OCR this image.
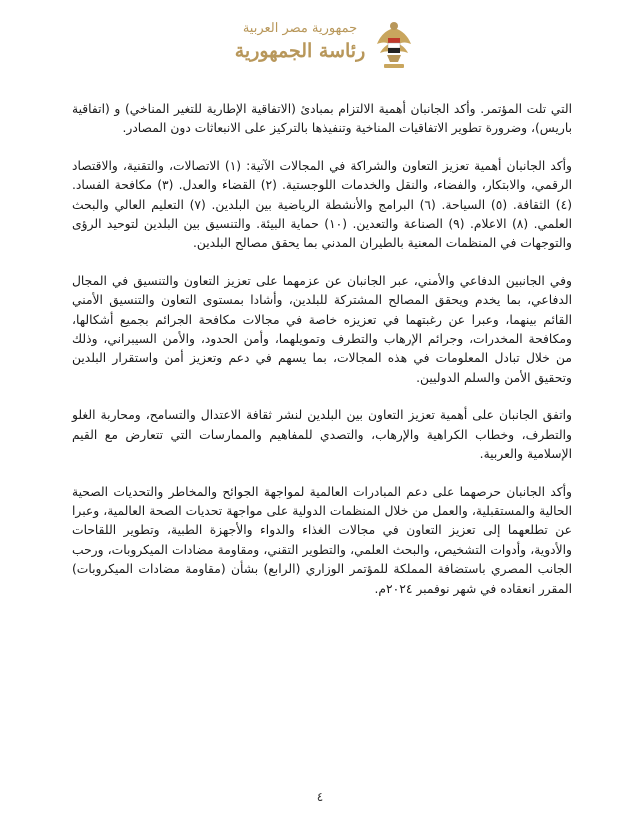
جمهورية مصر العربية
رئاسة الجمهورية

التي تلت المؤتمر. وأكد الجانبان أهمية الالتزام بمبادئ (الاتفاقية الإطارية للتغير المناخي) و (اتفاقية باريس)، وضرورة تطوير الاتفاقيات المناخية وتنفيذها بالتركيز على الانبعاثات دون المصادر.

وأكد الجانبان أهمية تعزيز التعاون والشراكة في المجالات الآتية: (١) الاتصالات، والتقنية، والاقتصاد الرقمي، والابتكار، والفضاء، والنقل والخدمات اللوجستية. (٢) القضاء والعدل. (٣) مكافحة الفساد. (٤) الثقافة. (٥) السياحة. (٦) البرامج والأنشطة الرياضية بين البلدين. (٧) التعليم العالي والبحث العلمي. (٨) الاعلام. (٩) الصناعة والتعدين. (١٠) حماية البيئة. والتنسيق بين البلدين لتوحيد الرؤى والتوجهات في المنظمات المعنية بالطيران المدني بما يحقق مصالح البلدين.

وفي الجانبين الدفاعي والأمني، عبر الجانبان عن عزمهما على تعزيز التعاون والتنسيق في المجال الدفاعي، بما يخدم ويحقق المصالح المشتركة للبلدين، وأشادا بمستوى التعاون والتنسيق الأمني القائم بينهما، وعبرا عن رغبتهما في تعزيزه خاصة في مجالات مكافحة الجرائم بجميع أشكالها، ومكافحة المخدرات، وجرائم الإرهاب والتطرف وتمويلهما، وأمن الحدود، والأمن السيبراني، وذلك من خلال تبادل المعلومات في هذه المجالات، بما يسهم في دعم وتعزيز أمن واستقرار البلدين وتحقيق الأمن والسلم الدوليين.

واتفق الجانبان على أهمية تعزيز التعاون بين البلدين لنشر ثقافة الاعتدال والتسامح، ومحاربة الغلو والتطرف، وخطاب الكراهية والإرهاب، والتصدي للمفاهيم والممارسات التي تتعارض مع القيم الإسلامية والعربية.

وأكد الجانبان حرصهما على دعم المبادرات العالمية لمواجهة الجوائح والمخاطر والتحديات الصحية الحالية والمستقبلية، والعمل من خلال المنظمات الدولية على مواجهة تحديات الصحة العالمية، وعبرا عن تطلعهما إلى تعزيز التعاون في مجالات الغذاء والدواء والأجهزة الطبية، وتطوير اللقاحات والأدوية، وأدوات التشخيص، والبحث العلمي، والتطوير التقني، ومقاومة مضادات الميكروبات، ورحب الجانب المصري باستضافة المملكة للمؤتمر الوزاري (الرابع) بشأن (مقاومة مضادات الميكروبات) المقرر انعقاده في شهر نوفمبر ٢٠٢٤م.

٤
